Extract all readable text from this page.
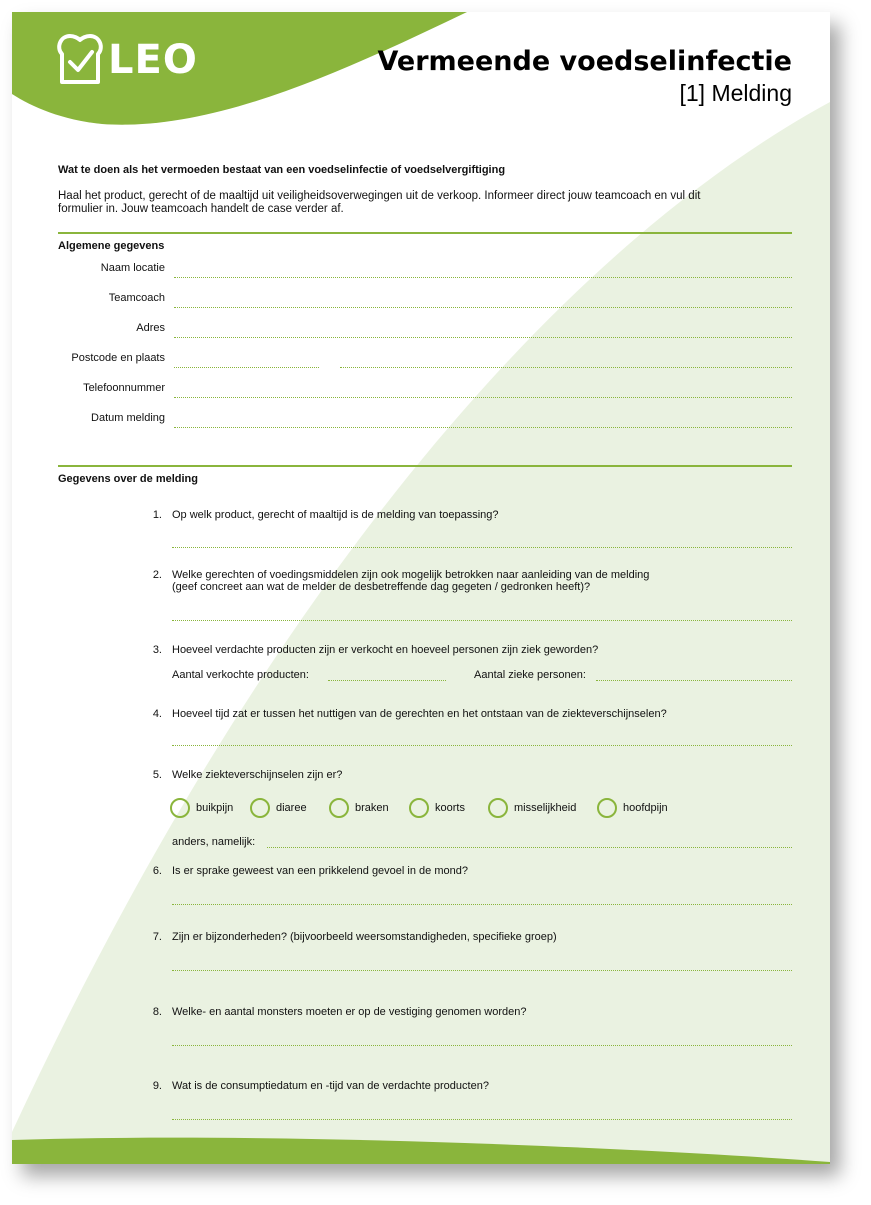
LEO	Vermeende voedselinfectie
[1] Melding
Wat te doen als het vermoeden bestaat van een voedselinfectie of voedselvergiftiging
Haal het product, gerecht of de maaltijd uit veiligheidsoverwegingen uit de verkoop. Informeer direct jouw teamcoach en vul dit formulier in. Jouw teamcoach handelt de case verder af.
Algemene gegevens
Naam locatie
Teamcoach
Adres
Postcode en plaats
Telefoonnummer
Datum melding
Gegevens over de melding
1. Op welk product, gerecht of maaltijd is de melding van toepassing?
2. Welke gerechten of voedingsmiddelen zijn ook mogelijk betrokken naar aanleiding van de melding
(geef concreet aan wat de melder de desbetreffende dag gegeten / gedronken heeft)?
3. Hoeveel verdachte producten zijn er verkocht en hoeveel personen zijn ziek geworden?
Aantal verkochte producten:	Aantal zieke personen:
4. Hoeveel tijd zat er tussen het nuttigen van de gerechten en het ontstaan van de ziekteverschijnselen?
5. Welke ziekteverschijnselen zijn er?
buikpijn	diaree	braken	koorts	misselijkheid	hoofdpijn
anders, namelijk:
6. Is er sprake geweest van een prikkelend gevoel in de mond?
7. Zijn er bijzonderheden? (bijvoorbeeld weersomstandigheden, specifieke groep)
8. Welke- en aantal monsters moeten er op de vestiging genomen worden?
9. Wat is de consumptiedatum en -tijd van de verdachte producten?
